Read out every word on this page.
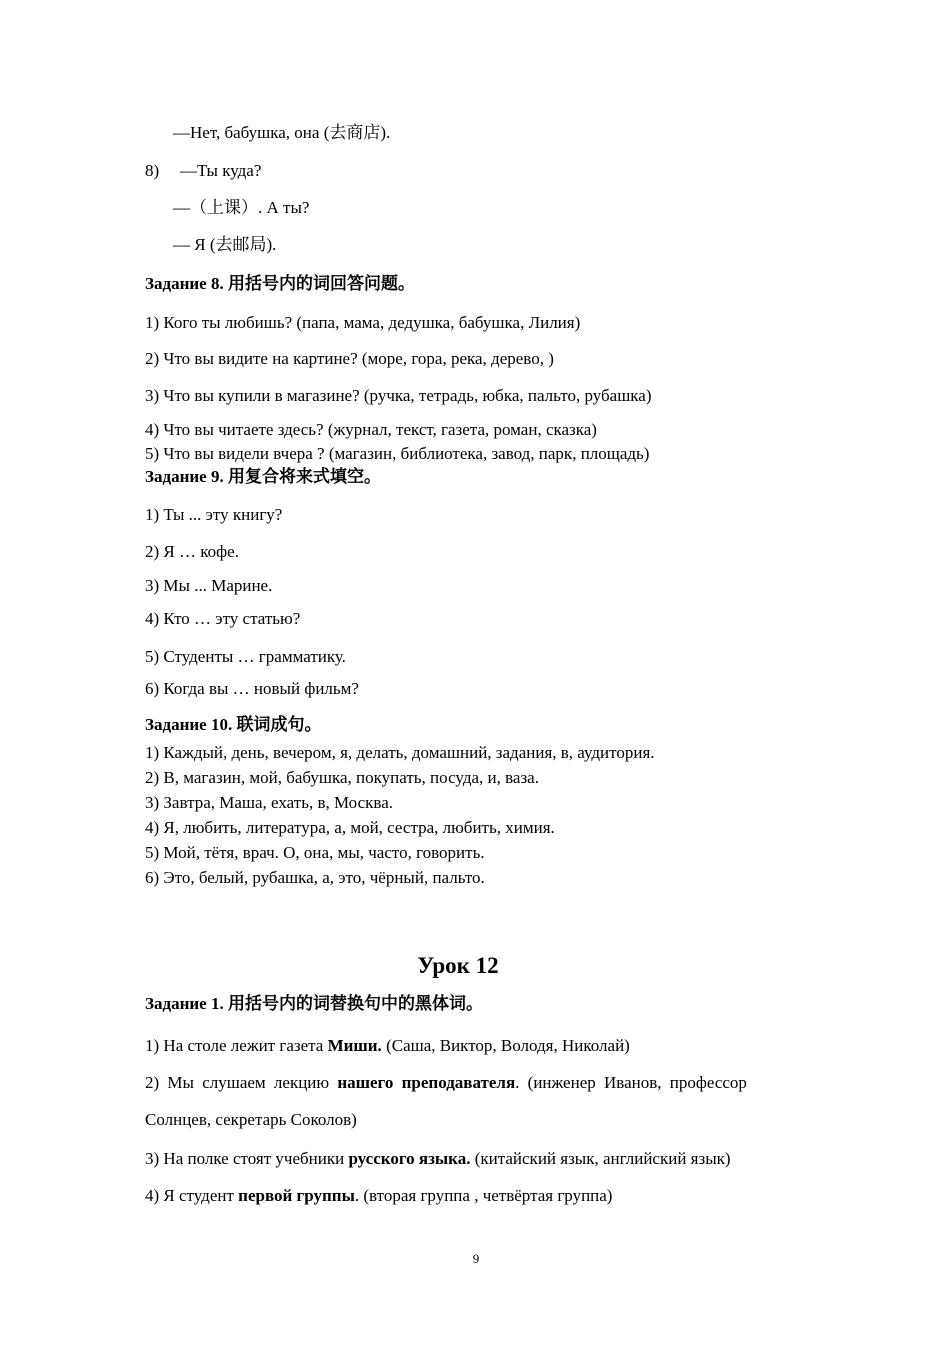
—Нет, бабушка, она (去商店).
8) —Ты куда?
—（上课）. А ты?
— Я (去邮局).
Задание 8. 用括号内的词回答问题。
1) Кого ты любишь? (папа, мама, дедушка, бабушка, Лилия)
2) Что вы видите на картине? (море, гора, река, дерево, )
3) Что вы купили в магазине? (ручка, тетрадь, юбка, пальто, рубашка)
4) Что вы читаете здесь? (журнал, текст, газета, роман, сказка)
5) Что вы видели вчера ? (магазин, библиотека, завод, парк, площадь)
Задание 9. 用复合将来式填空。
1) Ты ... эту книгу?
2) Я … кофе.
3) Мы ... Марине.
4) Кто … эту статью?
5) Студенты … грамматику.
6) Когда вы … новый фильм?
Задание 10. 联词成句。
1) Каждый, день, вечером, я, делать, домашний, задания, в, аудитория.
2) В, магазин, мой, бабушка, покупать, посуда, и, ваза.
3) Завтра, Маша, ехать, в, Москва.
4) Я, любить, литература, а, мой, сестра, любить, химия.
5) Мой, тётя, врач. О, она, мы, часто, говорить.
6) Это, белый, рубашка, а, это, чёрный, пальто.
Урок 12
Задание 1. 用括号内的词替换句中的黑体词。
1) На столе лежит газета Миши. (Саша, Виктор, Володя, Николай)
2) Мы слушаем лекцию нашего преподавателя. (инженер Иванов, профессор
Солнцев, секретарь Соколов)
3) На полке стоят учебники русского языка. (китайский язык, английский язык)
4) Я студент первой группы. (вторая группа , четвёртая группа)
9
